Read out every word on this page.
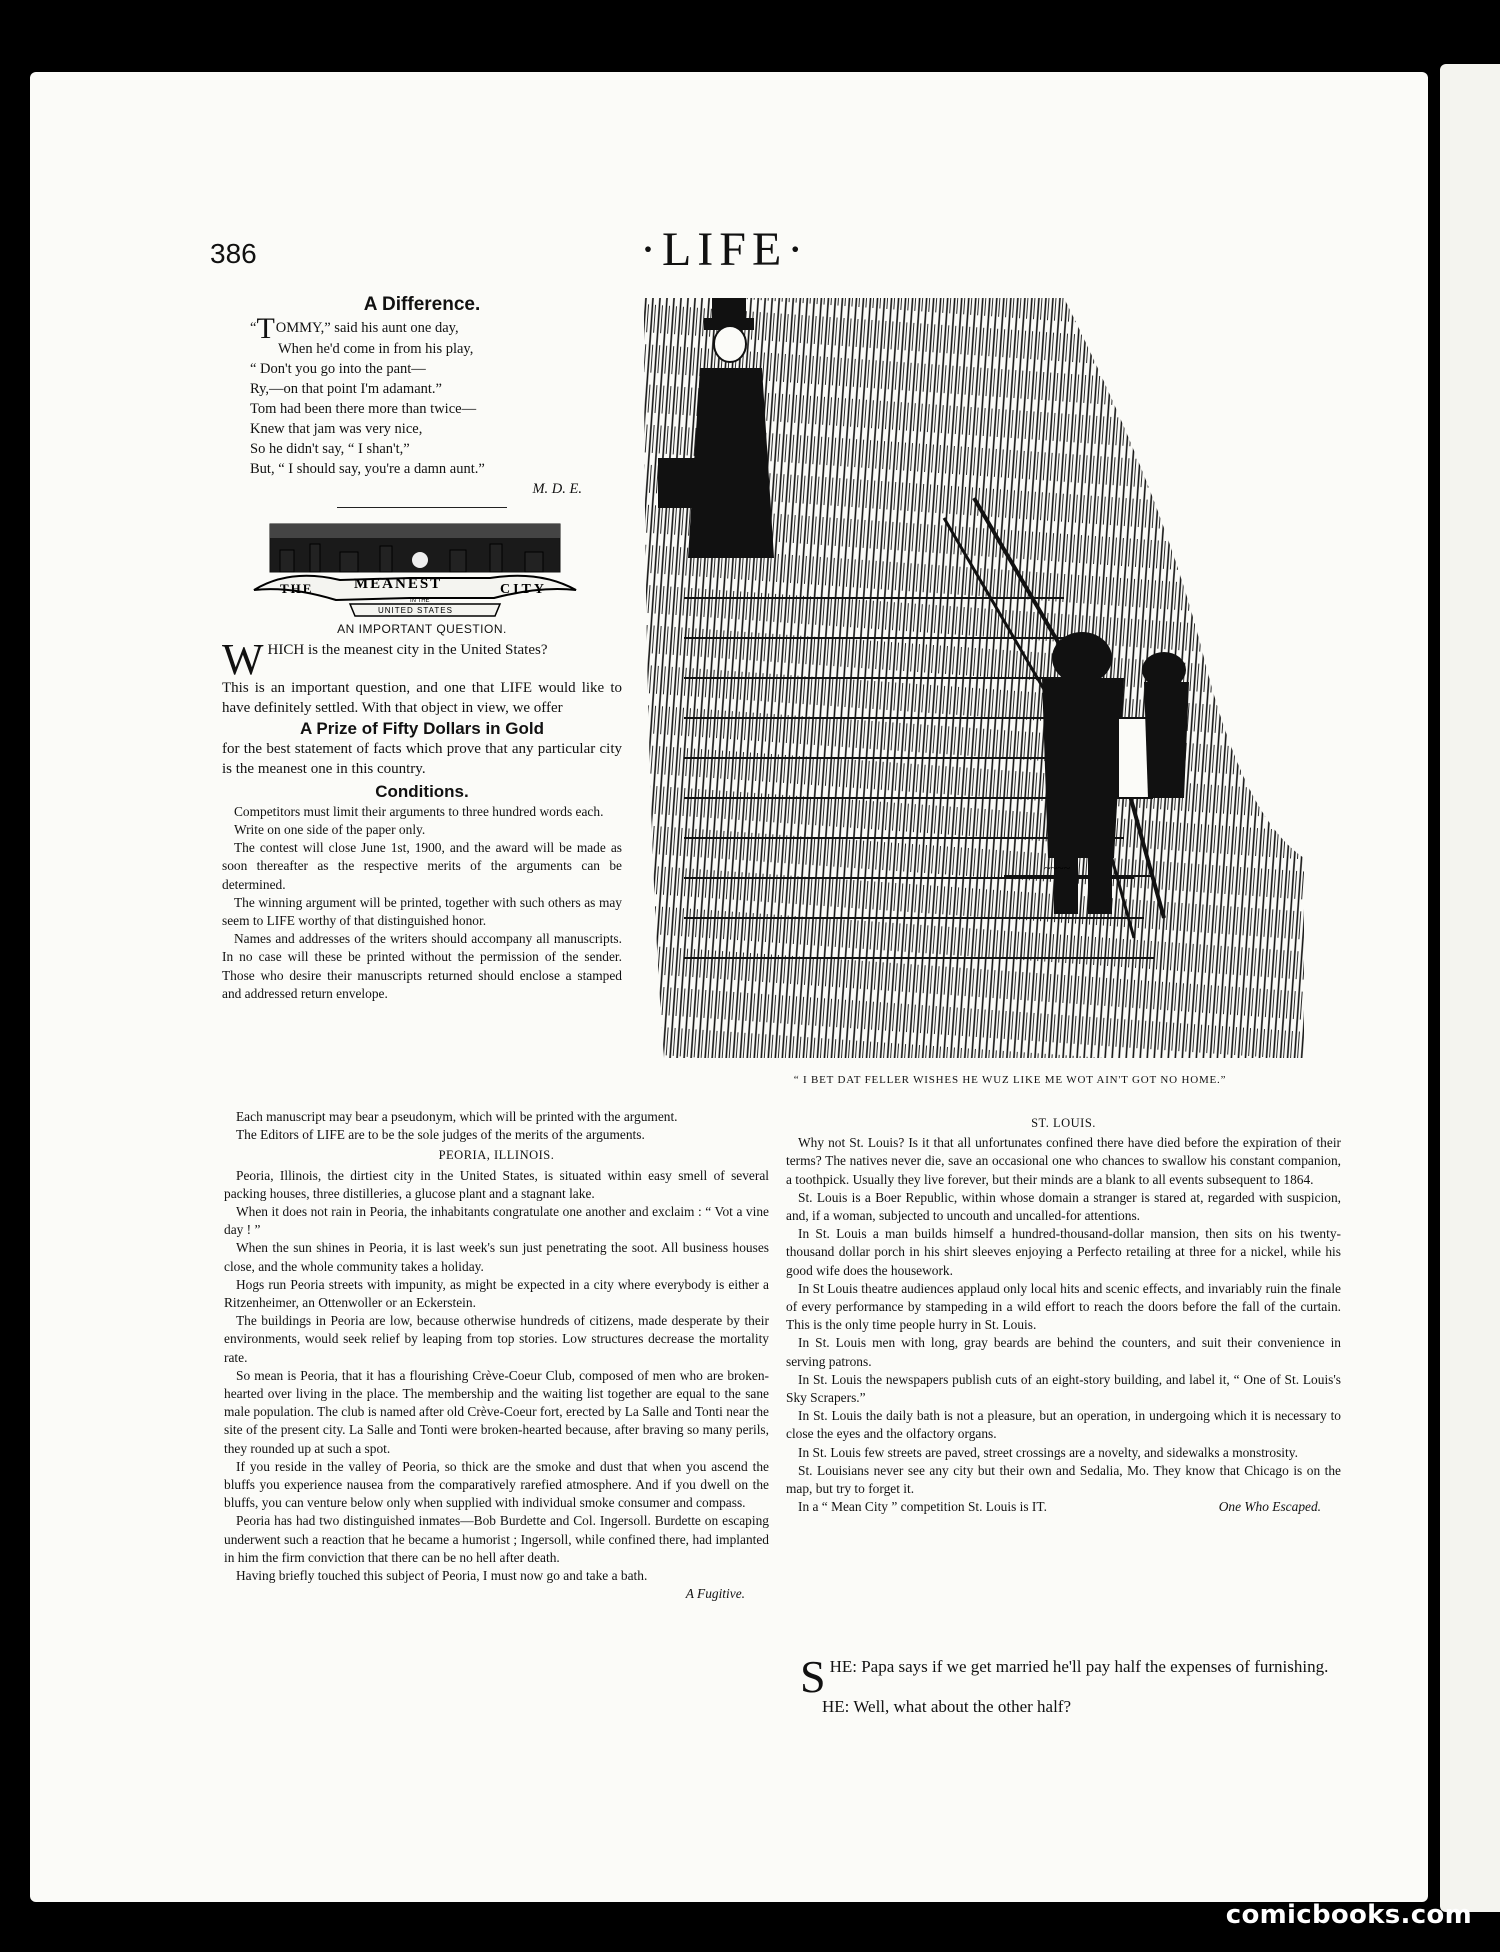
386	·LIFE·
A Difference.
“TOMMY,” said his aunt one day,
When he'd come in from his play,
“ Don't you go into the pant—
Ry,—on that point I'm adamant.”
Tom had been there more than twice—
Knew that jam was very nice,
So he didn't say, “ I shan't,”
But, “ I should say, you're a damn aunt.”
M. D. E.
THE	MEANEST	CITY
IN THE
UNITED STATES
AN IMPORTANT QUESTION.
WHICH is the meanest city in the United States?

This is an important question, and one that LIFE would like to have definitely settled. With that object in view, we offer

A Prize of Fifty Dollars in Gold

for the best statement of facts which prove that any particular city is the meanest one in this country.

Conditions.

Competitors must limit their arguments to three hundred words each.

Write on one side of the paper only.

The contest will close June 1st, 1900, and the award will be made as soon thereafter as the respective merits of the arguments can be determined.

The winning argument will be printed, together with such others as may seem to LIFE worthy of that distinguished honor.

Names and addresses of the writers should accompany all manuscripts. In no case will these be printed without the permission of the sender. Those who desire their manuscripts returned should enclose a stamped and addressed return envelope.

Each manuscript may bear a pseudonym, which will be printed with the argument.

The Editors of LIFE are to be the sole judges of the merits of the arguments.

PEORIA, ILLINOIS.

Peoria, Illinois, the dirtiest city in the United States, is situated within easy smell of several packing houses, three distilleries, a glucose plant and a stagnant lake.

When it does not rain in Peoria, the inhabitants congratulate one another and exclaim : “ Vot a vine day ! ”

When the sun shines in Peoria, it is last week's sun just penetrating the soot. All business houses close, and the whole community takes a holiday.

Hogs run Peoria streets with impunity, as might be expected in a city where everybody is either a Ritzenheimer, an Ottenwoller or an Eckerstein.

The buildings in Peoria are low, because otherwise hundreds of citizens, made desperate by their environments, would seek relief by leaping from top stories. Low structures decrease the mortality rate.

So mean is Peoria, that it has a flourishing Crève-Coeur Club, composed of men who are broken-hearted over living in the place. The membership and the waiting list together are equal to the sane male population. The club is named after old Crève-Coeur fort, erected by La Salle and Tonti near the site of the present city. La Salle and Tonti were broken-hearted because, after braving so many perils, they rounded up at such a spot.

If you reside in the valley of Peoria, so thick are the smoke and dust that when you ascend the bluffs you experience nausea from the comparatively rarefied atmosphere. And if you dwell on the bluffs, you can venture below only when supplied with individual smoke consumer and compass.

Peoria has had two distinguished inmates—Bob Burdette and Col. Ingersoll. Burdette on escaping underwent such a reaction that he became a humorist ; Ingersoll, while confined there, had implanted in him the firm conviction that there can be no hell after death.

Having briefly touched this subject of Peoria, I must now go and take a bath.

A Fugitive.
~~~~
“ I BET DAT FELLER WISHES HE WUZ LIKE ME WOT AIN'T GOT NO HOME.”
ST. LOUIS.

Why not St. Louis? Is it that all unfortunates confined there have died before the expiration of their terms? The natives never die, save an occasional one who chances to swallow his constant companion, a toothpick. Usually they live forever, but their minds are a blank to all events subsequent to 1864.

St. Louis is a Boer Republic, within whose domain a stranger is stared at, regarded with suspicion, and, if a woman, subjected to uncouth and uncalled-for attentions.

In St. Louis a man builds himself a hundred-thousand-dollar mansion, then sits on his twenty-thousand dollar porch in his shirt sleeves enjoying a Perfecto retailing at three for a nickel, while his good wife does the housework.

In St Louis theatre audiences applaud only local hits and scenic effects, and invariably ruin the finale of every performance by stampeding in a wild effort to reach the doors before the fall of the curtain. This is the only time people hurry in St. Louis.

In St. Louis men with long, gray beards are behind the counters, and suit their convenience in serving patrons.

In St. Louis the newspapers publish cuts of an eight-story building, and label it, “ One of St. Louis's Sky Scrapers.”

In St. Louis the daily bath is not a pleasure, but an operation, in undergoing which it is necessary to close the eyes and the olfactory organs.

In St. Louis few streets are paved, street crossings are a novelty, and sidewalks a monstrosity.

St. Louisians never see any city but their own and Sedalia, Mo. They know that Chicago is on the map, but try to forget it.

In a “ Mean City ” competition St. Louis is IT.	One Who Escaped.

SHE: Papa says if we get married he'll pay half the expenses of furnishing.

HE: Well, what about the other half?

comicbooks.com
